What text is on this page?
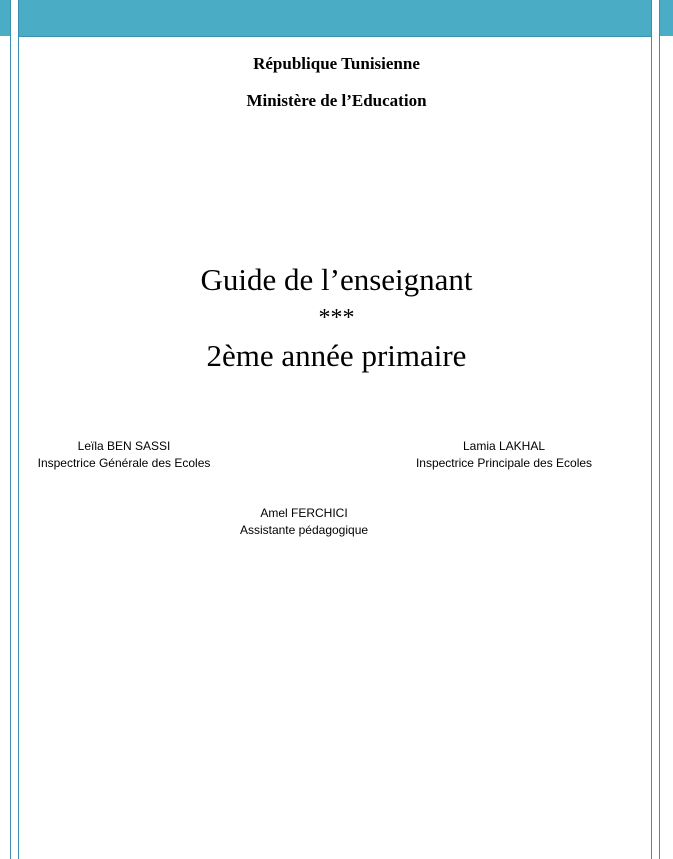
République Tunisienne
Ministère de l’Education
Guide de l’enseignant
***
2ème année primaire
Leïla BEN SASSI
Inspectrice Générale des Ecoles
Lamia LAKHAL
Inspectrice Principale des Ecoles
Amel FERCHICI
Assistante pédagogique
